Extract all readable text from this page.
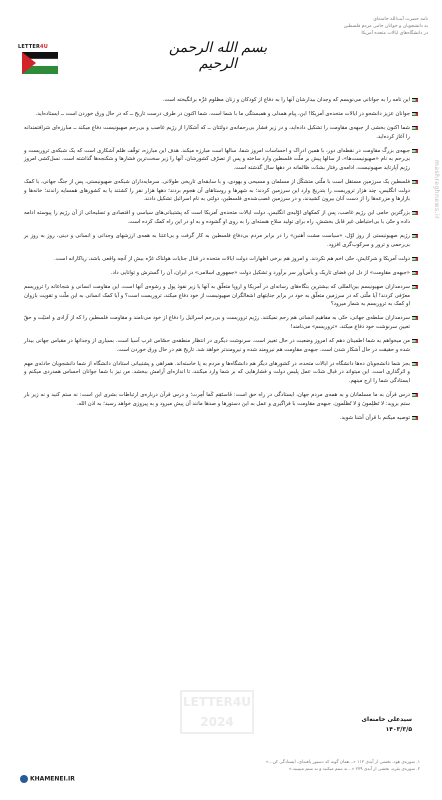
LETTER4U	بسم الله الرحمن الرحیم
نامه حضرت آیت‌الله خامنه‌ای
به دانشجویان و جوانان حامی مردم فلسطین
در دانشگاه‌های ایالات متحده آمریکا
mashreghnews.ir

این نامه را به جوانانی می‌نویسم که وجدان بیدارشان آنها را به دفاع از کودکان و زنان مظلوم غزّه برانگیخته است.

جوانان عزیز دانشجو در ایالات متحده‌ی آمریکا! این، پیام همدلی و همبستگی ما با شما است. شما اکنون در طرف درست تاریخ ــ که در حال ورق خوردن است ــ ایستاده‌اید.

شما اکنون بخشی از جبهه‌ی مقاومت را تشکیل داده‌اید، و در زیر فشار بی‌رحمانه‌ی دولتتان ــ که آشکارا از رژیم غاصب و بی‌رحم صهیونیست دفاع میکند ــ مبارزه‌ای شرافتمندانه را آغاز کرده‌اید.

جبهه‌ی بزرگ مقاومت در نقطه‌ای دور، با همین ادراک و احساسات امروز شما، سالها است مبارزه میکند. هدف این مبارزه، توقّف ظلم آشکاری است که یک شبکه‌ی تروریست و بی‌رحم به نام «صهیونیست‌ها»، از سالها پیش بر ملّت فلسطین وارد ساخته و پس از تصرّف کشورشان، آنها را زیر سخت‌ترین فشارها و شکنجه‌ها گذاشته است. نسل‌کشی امروز رژیم آپارتاید صهیونیست، ادامه‌ی رفتار بشدّت ظالمانه در دهها سال گذشته است.

فلسطین یک سرزمین مستقل است با ملّتی متشکّل از مسلمان و مسیحی و یهودی، و با سابقه‌ای تاریخی طولانی. سرمایه‌داران شبکه‌ی صهیونیستی، پس از جنگ جهانی، با کمک دولت انگلیس، چند هزار تروریست را بتدریج وارد این سرزمین کردند؛ به شهرها و روستاهای آن هجوم بردند؛ دهها هزار نفر را کشتند یا به کشورهای همسایه راندند؛ خانه‌ها و بازارها و مزرعه‌ها را از دست آنان بیرون کشیدند، و در سرزمین غصب‌شده‌ی فلسطین، دولتی به نام اسرائیل تشکیل دادند.

بزرگترین حامی این رژیم غاصب، پس از کمکهای اوّلیه‌ی انگلیس، دولت ایالات متحده‌ی آمریکا است که پشتیبانی‌های سیاسی و اقتصادی و تسلیحاتی از آن رژیم را پیوسته ادامه داده و حتّی با بی‌احتیاطی غیر قابل بخشش، راه برای تولید سلاح هسته‌ای را به روی او گشوده و به او در این راه کمک کرده است.

رژیم صهیونیستی از روز اوّل، «سیاست مشت آهنین» را در برابر مردم بی‌دفاع فلسطین به کار گرفت و بی‌اعتنا به همه‌ی ارزشهای وجدانی و انسانی و دینی، روز به روز بر بی‌رحمی و ترور و سرکوب‌گری افزود.

دولت آمریکا و شرکایش، حتّی اخم هم نکردند. و امروز هم برخی اظهارات دولت ایالات متحده در قبال جنایات هولناک غزّه بیش از آنچه واقعی باشد، ریاکارانه است.

«جبهه‌ی مقاومت» از دل این فضای تاریک و یأس‌آور سر برآورد و تشکیل دولت «جمهوری اسلامی» در ایران، آن را گسترش و توانایی داد.

سردمداران صهیونیسم بین‌المللی که بیشترین بنگاه‌های رسانه‌ای در آمریکا و اروپا متعلّق به آنها یا زیر نفوذ پول و رشوه‌ی آنها است، این مقاومت انسانی و شجاعانه را تروریسم معرّفی کردند! آیا ملّتی که در سرزمین متعلّق به خود در برابر جنایتهای اشغالگران صهیونیست از خود دفاع میکند، تروریست است؟ و آیا کمک انسانی به این ملّت و تقویت بازوان او کمک به تروریسم به شمار میرود؟

سردمداران سلطه‌ی جهانی، حتّی به مفاهیم انسانی هم رحم نمیکنند. رژیم تروریست و بی‌رحم اسرائیل را دفاع از خود می‌نامند و مقاومت فلسطین را که از آزادی و امنیّت و حقّ تعیین سرنوشت خود دفاع میکند، «تروریسم» می‌نامند!

من میخواهم به شما اطمینان دهم که امروز وضعیت در حال تغییر است. سرنوشت دیگری در انتظار منطقه‌ی حسّاس غرب آسیا است. بسیاری از وجدانها در مقیاس جهانی بیدار شده و حقیقت در حال آشکار شدن است. جبهه‌ی مقاومت هم نیرومند شده و نیرومندتر خواهد شد. تاریخ هم در حال ورق خوردن است.

بجز شما دانشجویان ده‌ها دانشگاه در ایالات متحده، در کشورهای دیگر هم دانشگاه‌ها و مردم به پا خاسته‌اند. همراهی و پشتیبانی استادان دانشگاه از شما دانشجویان حادثه‌ی مهم و اثرگذاری است. این میتواند در قبال شدّت عمل پلیس دولت و فشارهایی که بر شما وارد میکنند، تا اندازه‌ای آرامش ببخشد. من نیز با شما جوانان احساس همدردی میکنم و ایستادگی شما را ارج مینهم.

درس قرآن به ما مسلمانان و به همه‌ی مردم جهان، ایستادگی در راه حق است: فَاستَقِم کَما اُمِرت؛ و درس قرآن درباره‌ی ارتباطات بشری این است: نه ستم کنید و نه زیر بار ستم بروید: لا تَظلِمونَ وَ لا تُظلَمون. جبهه‌ی مقاومت با فراگیری و عمل به این دستورها و صدها مانند آن پیش میرود و به پیروزی خواهد رسید؛ به اذن الله.

توصیه میکنم با قرآن آشنا شوید.

LETTER4U 2024	سیدعلی خامنه‌ای
۱۴۰۳/۳/۵
۱. سوره‌ی هود، بخشی از آیه‌ی ۱۱۲ «...همان گونه که دستور یافته‌ای، ایستادگی کن...»
۲. سوره‌ی بقره، بخشی از آیه‌ی ۲۷۹ «...نه ستم میکنید و نه ستم میبینید.»
KHAMENEI.IR
